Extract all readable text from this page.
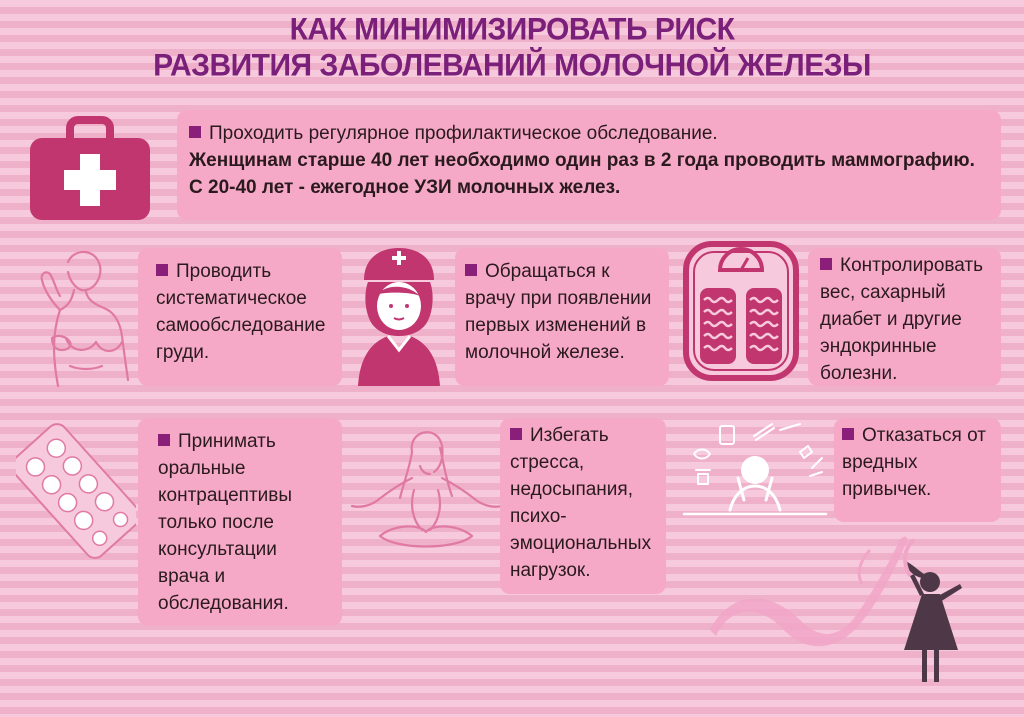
КАК МИНИМИЗИРОВАТЬ РИСК
РАЗВИТИЯ ЗАБОЛЕВАНИЙ МОЛОЧНОЙ ЖЕЛЕЗЫ
Проходить регулярное профилактическое обследование.
Женщинам старше 40 лет необходимо один раз в 2 года проводить маммографию.
С 20-40 лет - ежегодное УЗИ молочных желез.
Проводить
систематическое
самообследование
груди.
Обращаться к
врачу при появлении
первых изменений в
молочной железе.
Контролировать
вес, сахарный
диабет и другие
эндокринные
болезни.
Принимать
оральные
контрацептивы
только после
консультации
врача и
обследования.
Избегать
стресса,
недосыпания,
психо-
эмоциональных
нагрузок.
Отказаться от
вредных
привычек.
